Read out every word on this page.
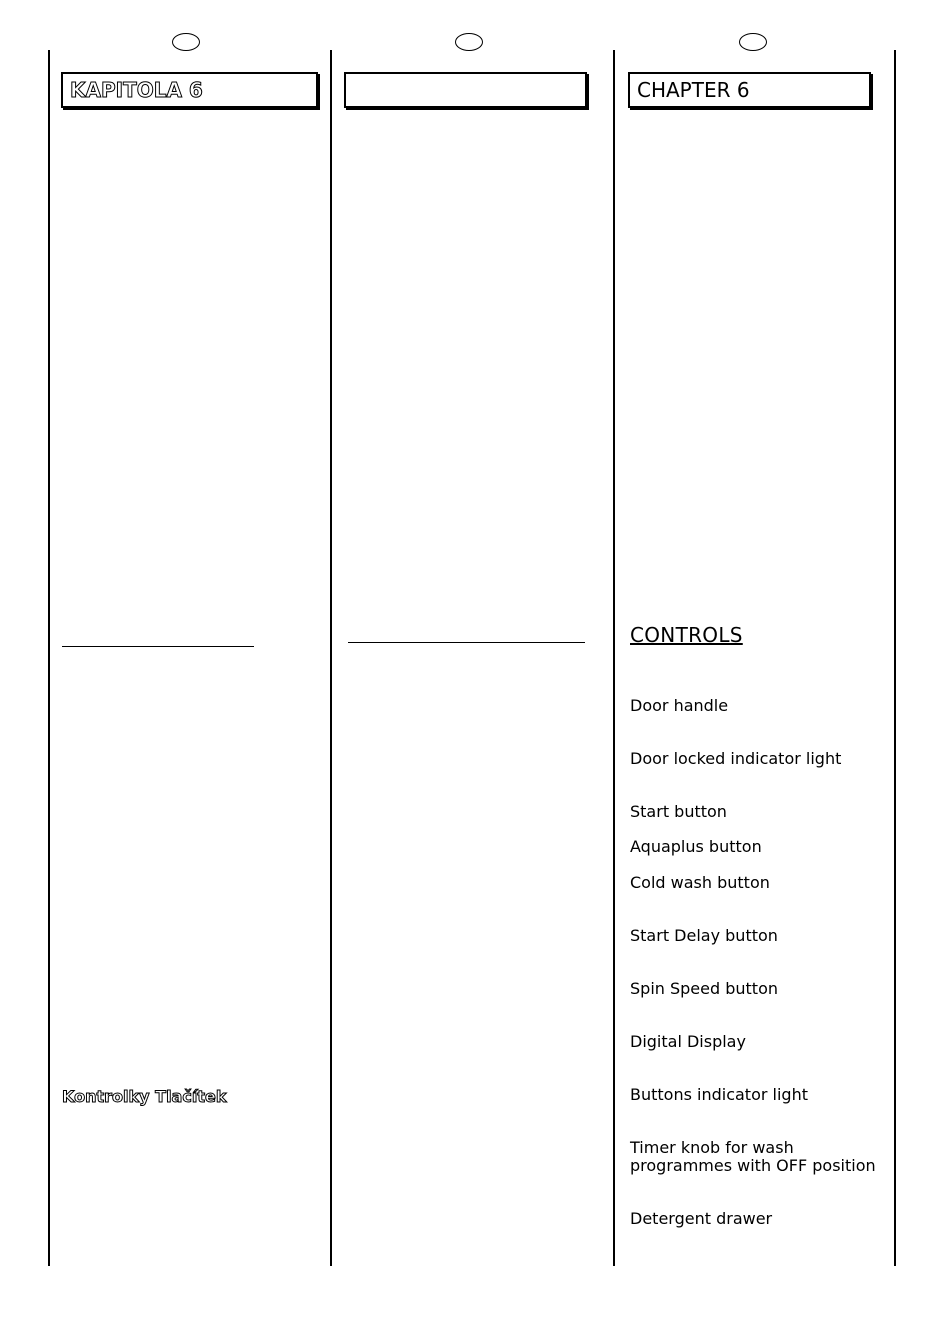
KAPITOLA 6	CHAPTER 6
CONTROLS
Door handle
Door locked indicator light
Start button
Aquaplus button
Cold wash button
Start Delay button
Spin Speed button
Digital Display
Buttons indicator light
Timer knob for wash programmes with OFF position
Detergent drawer
Kontrolky Tlačítek
